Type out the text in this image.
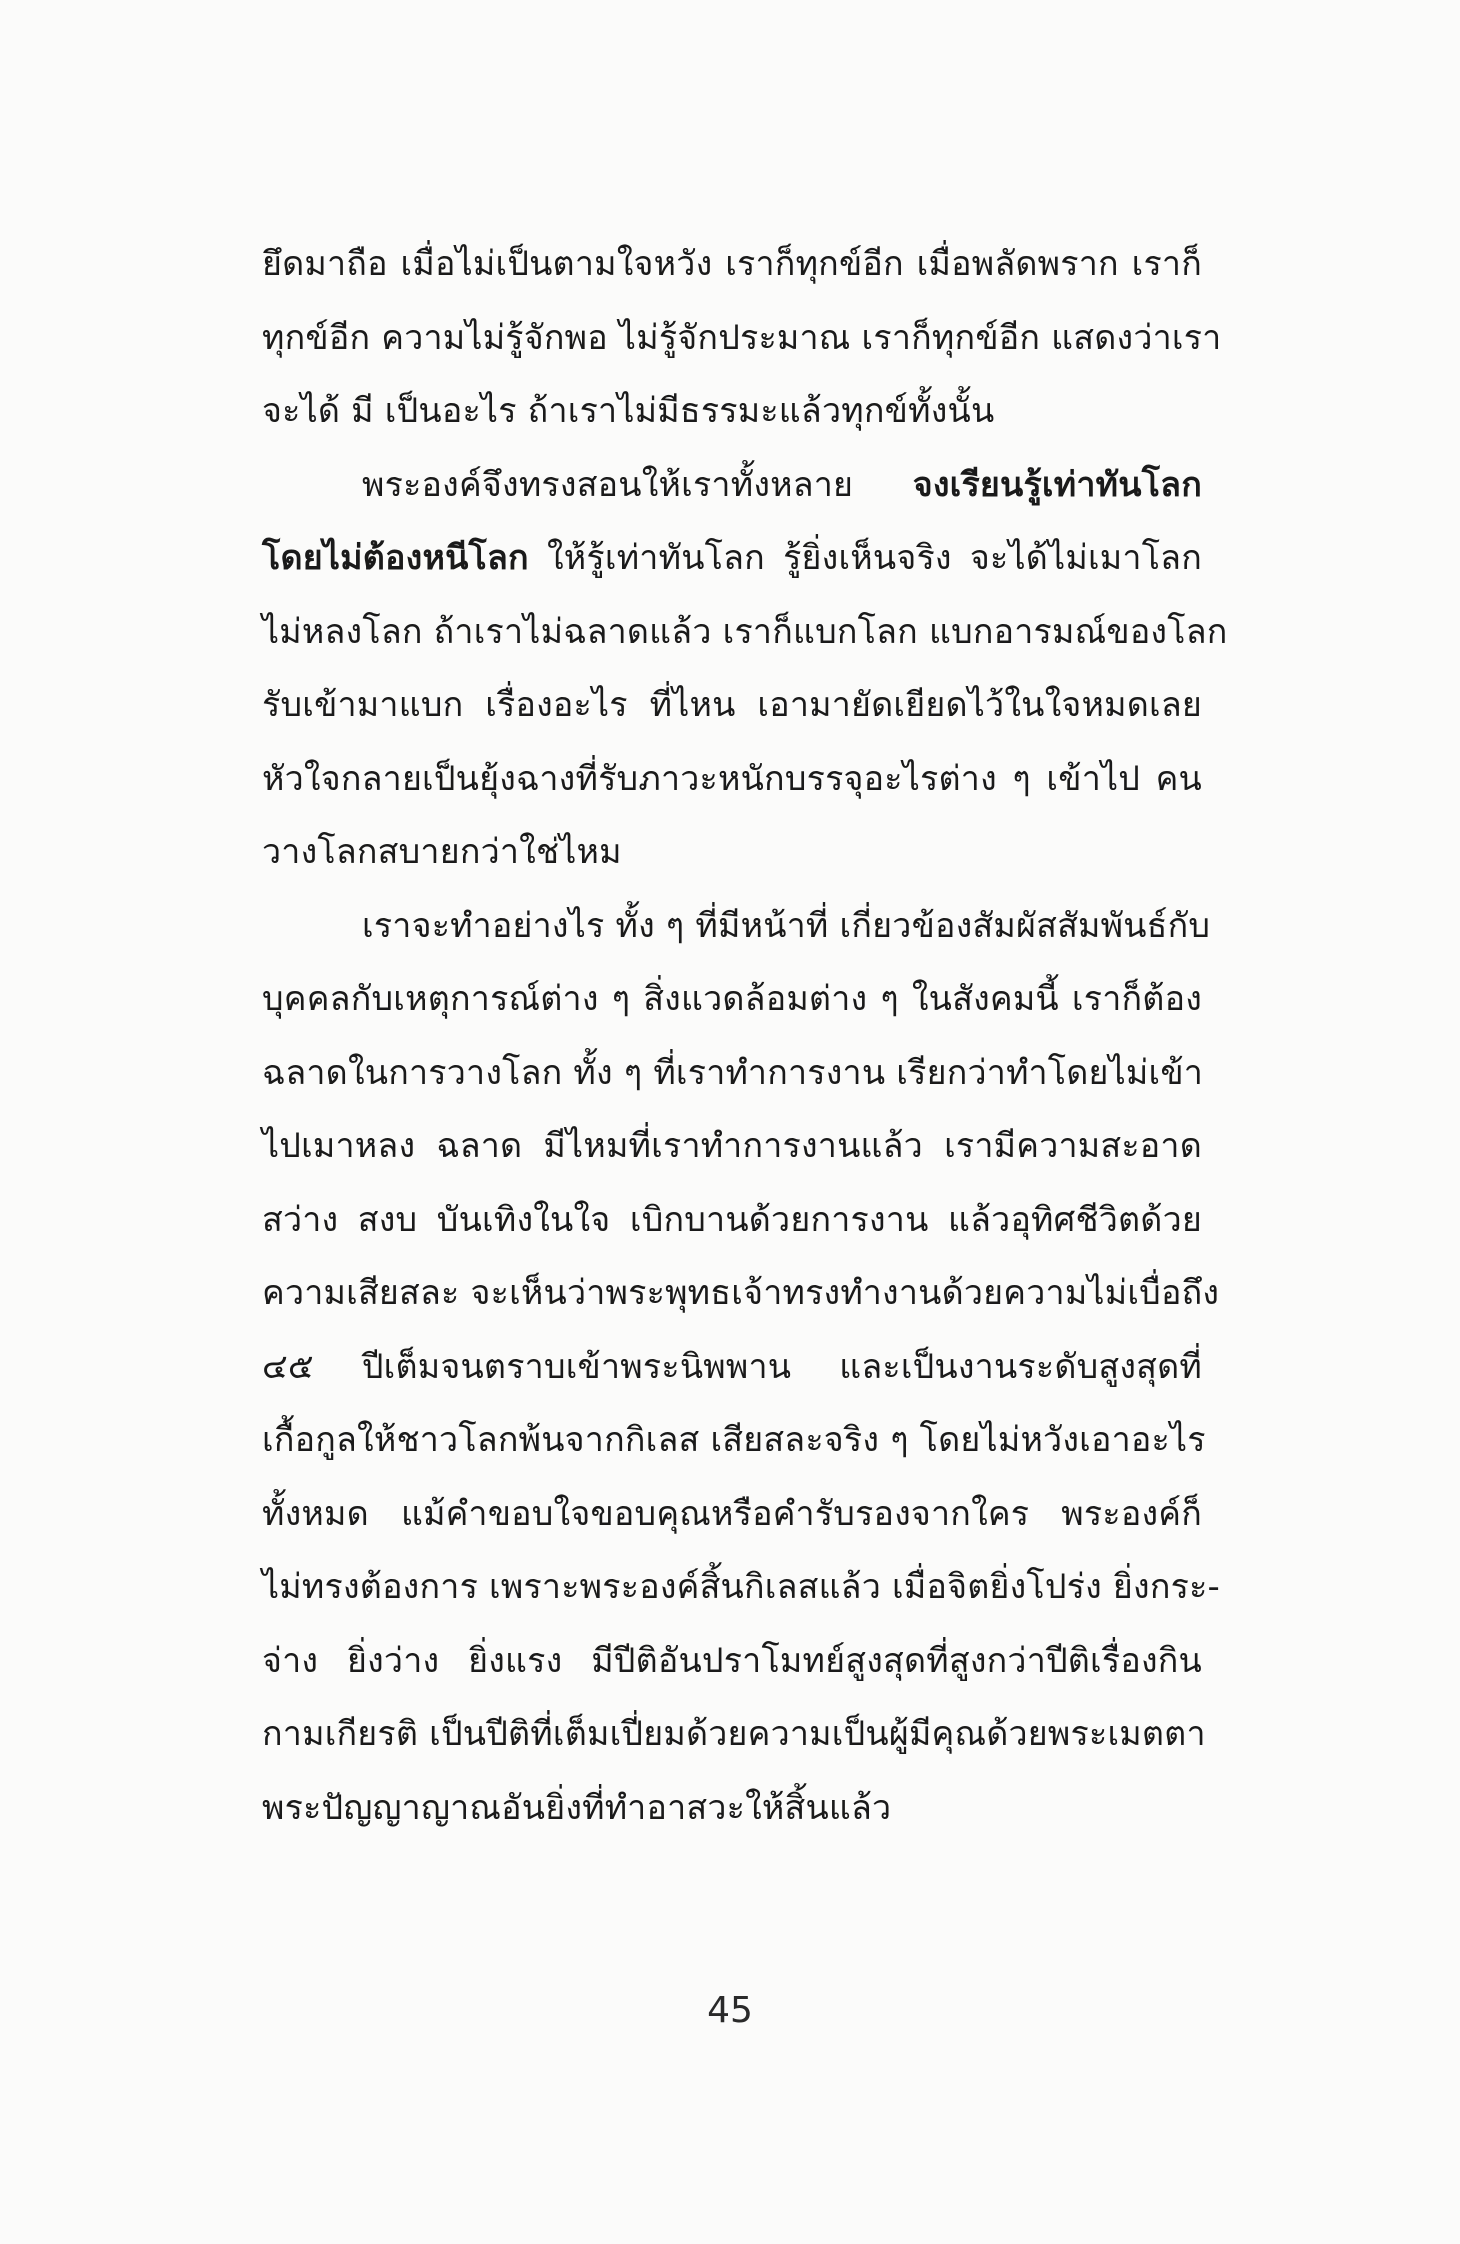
ยึดมาถือ เมื่อไม่เป็นตามใจหวัง เราก็ทุกข์อีก เมื่อพลัดพราก เราก็
ทุกข์อีก ความไม่รู้จักพอ ไม่รู้จักประมาณ เราก็ทุกข์อีก แสดงว่าเรา
จะได้ มี เป็นอะไร ถ้าเราไม่มีธรรมะแล้วทุกข์ทั้งนั้น
พระองค์จึงทรงสอนให้เราทั้งหลาย จงเรียนรู้เท่าทันโลก
โดยไม่ต้องหนีโลก ให้รู้เท่าทันโลก รู้ยิ่งเห็นจริง จะได้ไม่เมาโลก
ไม่หลงโลก ถ้าเราไม่ฉลาดแล้ว เราก็แบกโลก แบกอารมณ์ของโลก
รับเข้ามาแบก เรื่องอะไร ที่ไหน เอามายัดเยียดไว้ในใจหมดเลย
หัวใจกลายเป็นยุ้งฉางที่รับภาวะหนักบรรจุอะไรต่าง ๆ เข้าไป คน
วางโลกสบายกว่าใช่ไหม
เราจะทำอย่างไร ทั้ง ๆ ที่มีหน้าที่ เกี่ยวข้องสัมผัสสัมพันธ์กับ
บุคคลกับเหตุการณ์ต่าง ๆ สิ่งแวดล้อมต่าง ๆ ในสังคมนี้ เราก็ต้อง
ฉลาดในการวางโลก ทั้ง ๆ ที่เราทำการงาน เรียกว่าทำโดยไม่เข้า
ไปเมาหลง ฉลาด มีไหมที่เราทำการงานแล้ว เรามีความสะอาด
สว่าง สงบ บันเทิงในใจ เบิกบานด้วยการงาน แล้วอุทิศชีวิตด้วย
ความเสียสละ จะเห็นว่าพระพุทธเจ้าทรงทำงานด้วยความไม่เบื่อถึง
๔๕ ปีเต็มจนตราบเข้าพระนิพพาน และเป็นงานระดับสูงสุดที่
เกื้อกูลให้ชาวโลกพ้นจากกิเลส เสียสละจริง ๆ โดยไม่หวังเอาอะไร
ทั้งหมด แม้คำขอบใจขอบคุณหรือคำรับรองจากใคร พระองค์ก็
ไม่ทรงต้องการ เพราะพระองค์สิ้นกิเลสแล้ว เมื่อจิตยิ่งโปร่ง ยิ่งกระ-
จ่าง ยิ่งว่าง ยิ่งแรง มีปีติอันปราโมทย์สูงสุดที่สูงกว่าปีติเรื่องกิน
กามเกียรติ เป็นปีติที่เต็มเปี่ยมด้วยความเป็นผู้มีคุณด้วยพระเมตตา
พระปัญญาญาณอันยิ่งที่ทำอาสวะให้สิ้นแล้ว
45
